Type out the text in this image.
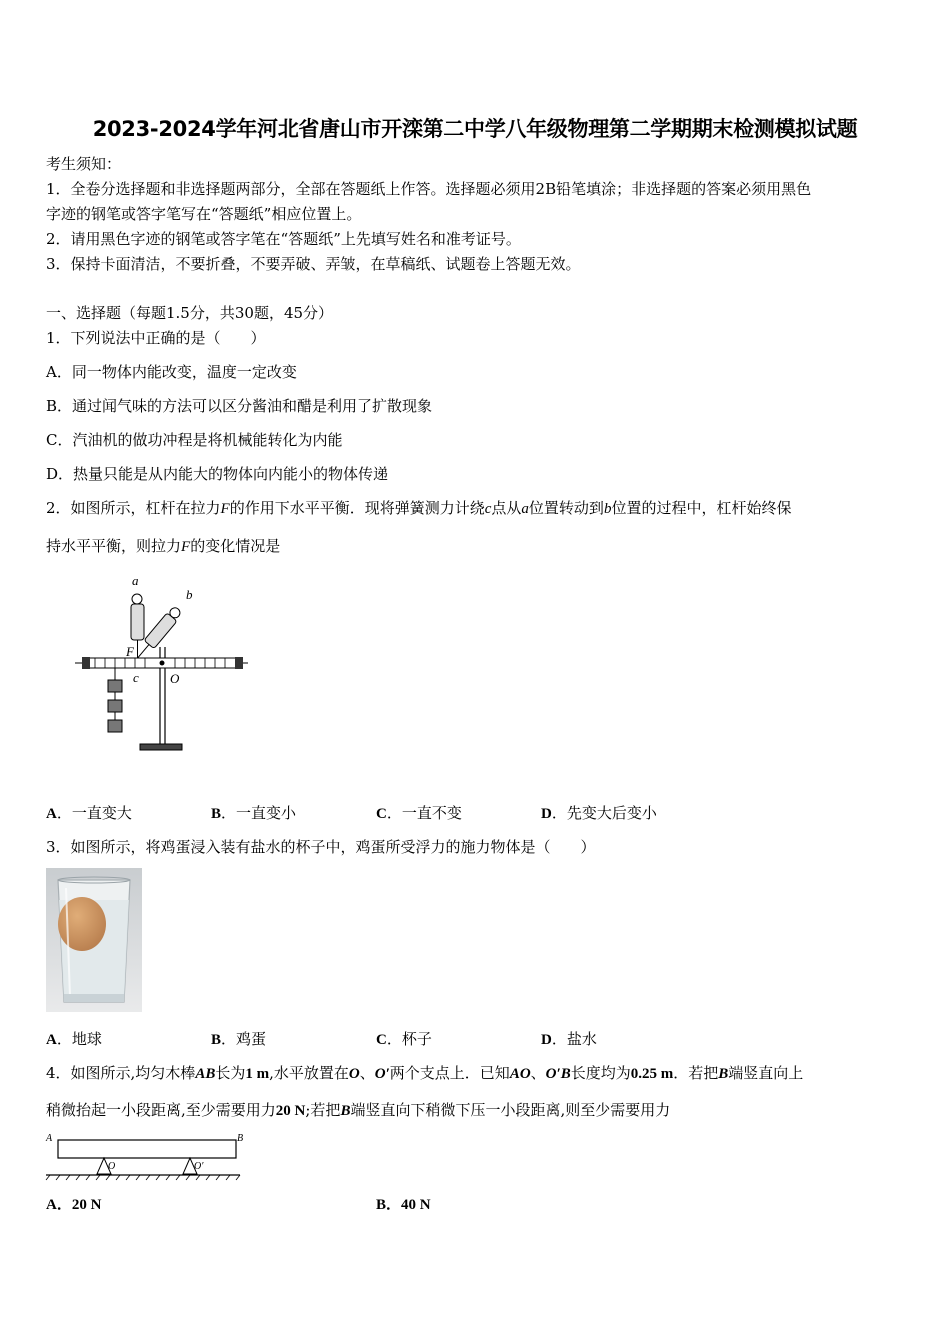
2023-2024学年河北省唐山市开滦第二中学八年级物理第二学期期末检测模拟试题
考生须知：
1．全卷分选择题和非选择题两部分，全部在答题纸上作答。选择题必须用2B铅笔填涂；非选择题的答案必须用黑色
字迹的钢笔或答字笔写在“答题纸”相应位置上。
2．请用黑色字迹的钢笔或答字笔在“答题纸”上先填写姓名和准考证号。
3．保持卡面清洁，不要折叠，不要弄破、弄皱，在草稿纸、试题卷上答题无效。
一、选择题（每题1.5分，共30题，45分）
1．下列说法中正确的是（　　）
A．同一物体内能改变，温度一定改变
B．通过闻气味的方法可以区分酱油和醋是利用了扩散现象
C．汽油机的做功冲程是将机械能转化为内能
D．热量只能是从内能大的物体向内能小的物体传递
2．如图所示，杠杆在拉力F的作用下水平平衡．现将弹簧测力计绕c点从a位置转动到b位置的过程中，杠杆始终保
持水平平衡，则拉力F的变化情况是
a
b
F
c O
A．一直变大	B．一直变小	C．一直不变	D．先变大后变小
3．如图所示，将鸡蛋浸入装有盐水的杯子中，鸡蛋所受浮力的施力物体是（　　）
A．地球	B．鸡蛋	C．杯子	D．盐水
4．如图所示,均匀木棒AB长为1 m,水平放置在O、O′两个支点上．已知AO、O′B长度均为0.25 m．若把B端竖直向上
稍微抬起一小段距离,至少需要用力20 N;若把B端竖直向下稍微下压一小段距离,则至少需要用力
A	B
O	O′
A．20 N	B．40 N
